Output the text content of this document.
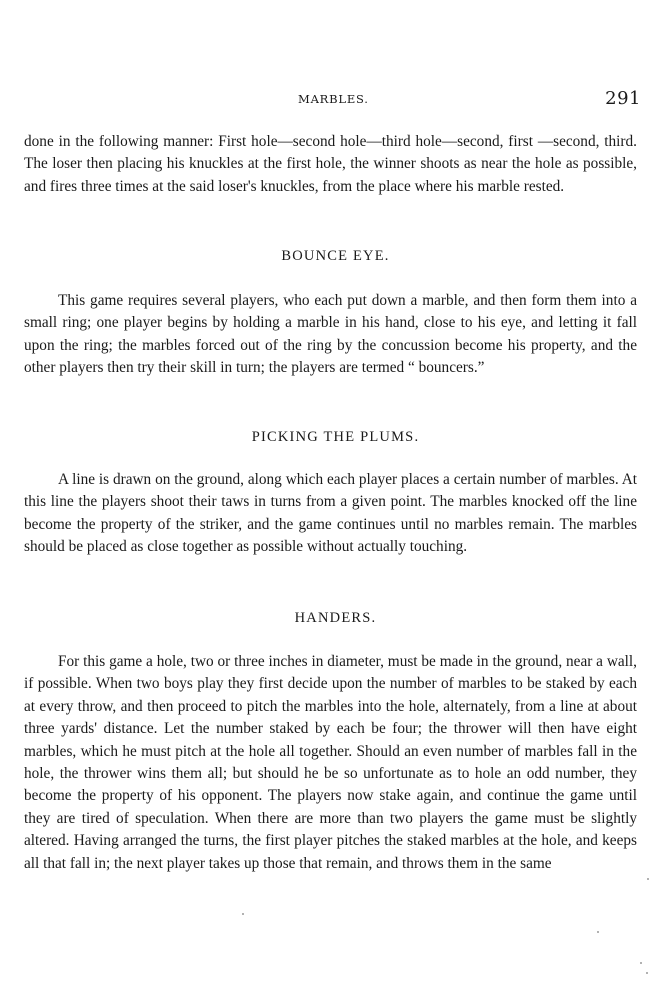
MARBLES.	291

done in the following manner: First hole—second hole—third hole—second, first —second, third. The loser then placing his knuckles at the first hole, the winner shoots as near the hole as possible, and fires three times at the said loser's knuckles, from the place where his marble rested.

BOUNCE EYE.

This game requires several players, who each put down a marble, and then form them into a small ring; one player begins by holding a marble in his hand, close to his eye, and letting it fall upon the ring; the marbles forced out of the ring by the concussion become his property, and the other players then try their skill in turn; the players are termed “ bouncers.”

PICKING THE PLUMS.

A line is drawn on the ground, along which each player places a certain number of marbles. At this line the players shoot their taws in turns from a given point. The marbles knocked off the line become the property of the striker, and the game continues until no marbles remain. The marbles should be placed as close together as possible without actually touching.

HANDERS.

For this game a hole, two or three inches in diameter, must be made in the ground, near a wall, if possible. When two boys play they first decide upon the number of marbles to be staked by each at every throw, and then proceed to pitch the marbles into the hole, alternately, from a line at about three yards' distance. Let the number staked by each be four; the thrower will then have eight marbles, which he must pitch at the hole all together. Should an even number of marbles fall in the hole, the thrower wins them all; but should he be so unfortunate as to hole an odd number, they become the property of his opponent. The players now stake again, and continue the game until they are tired of speculation. When there are more than two players the game must be slightly altered. Having arranged the turns, the first player pitches the staked marbles at the hole, and keeps all that fall in; the next player takes up those that remain, and throws them in the same
